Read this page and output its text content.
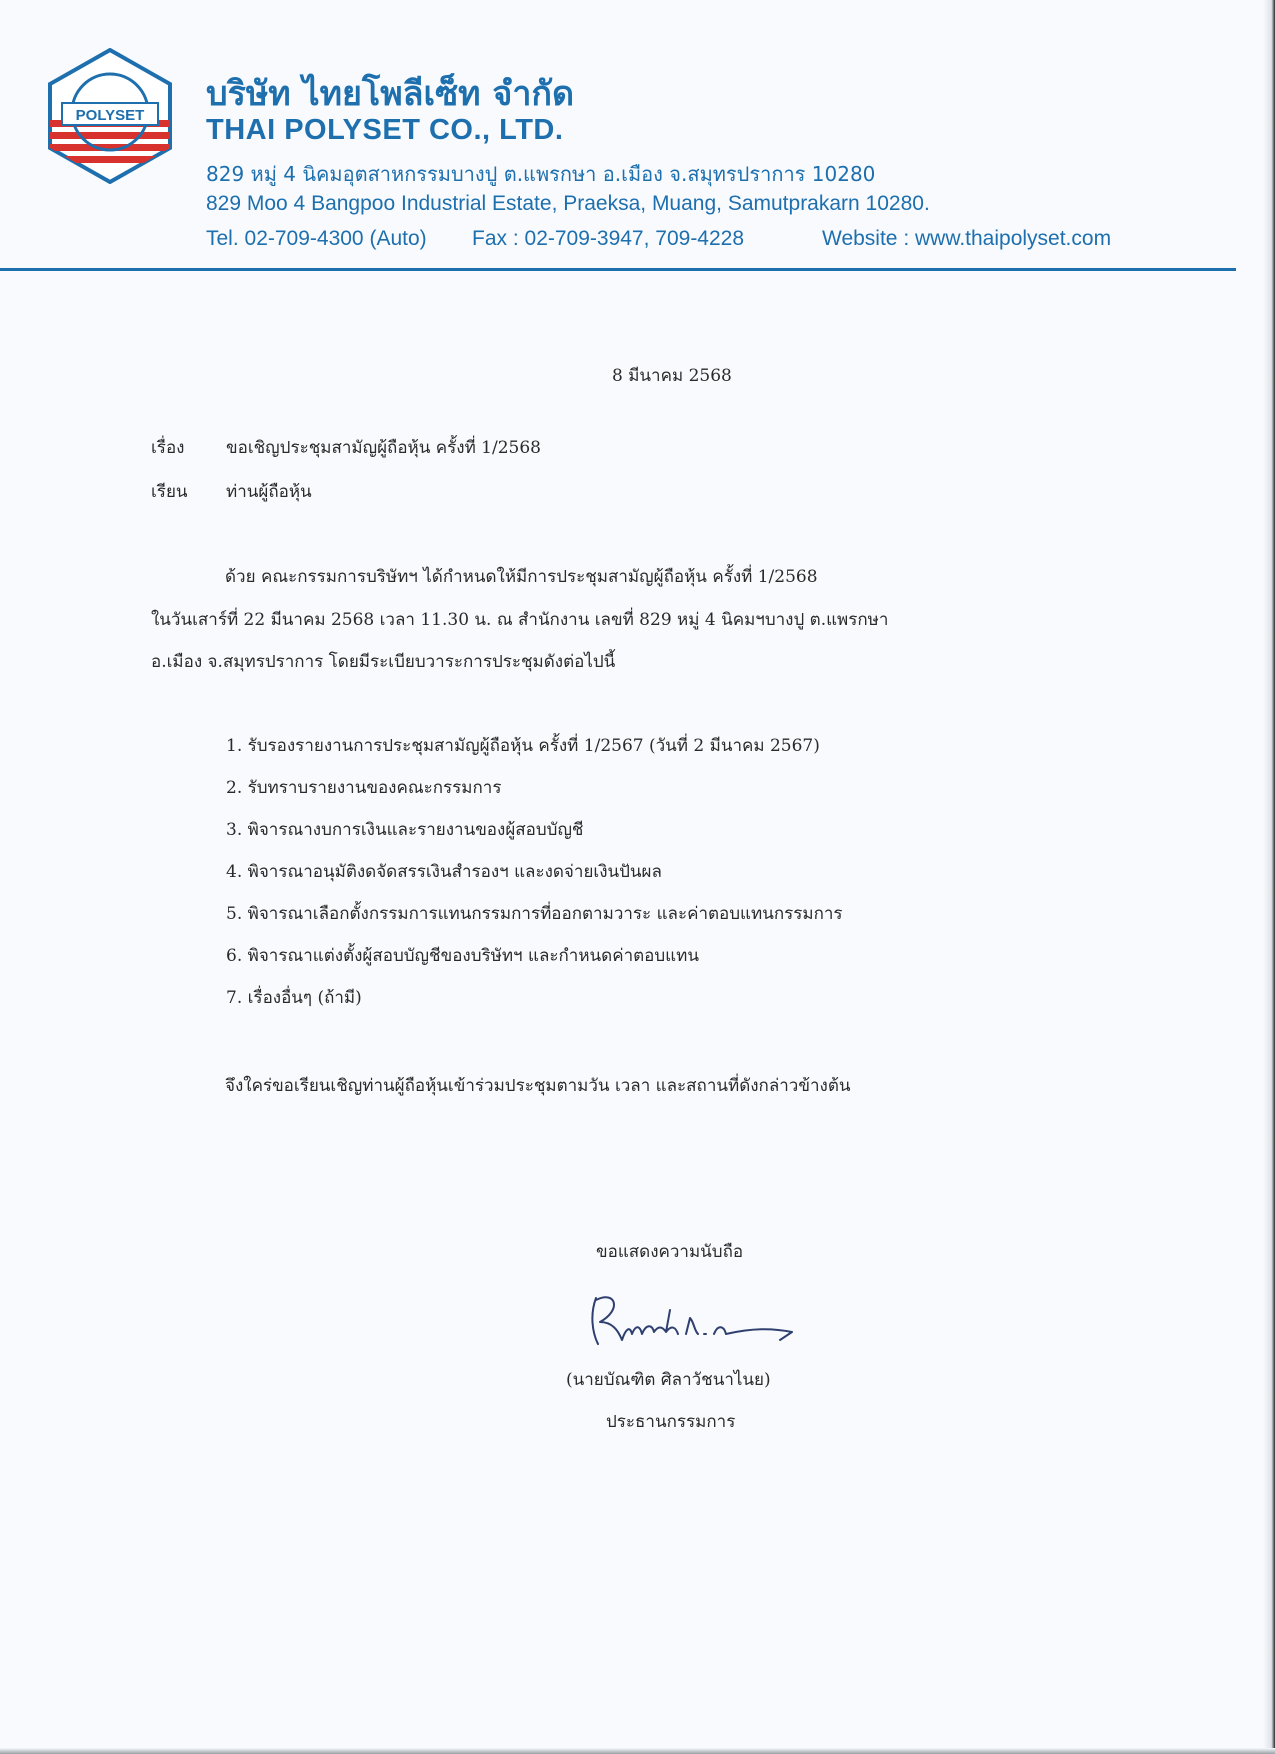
POLYSET
บริษัท ไทยโพลีเซ็ท จำกัด
THAI POLYSET CO., LTD.
829 หมู่ 4 นิคมอุตสาหกรรมบางปู ต.แพรกษา อ.เมือง จ.สมุทรปราการ 10280
829 Moo 4 Bangpoo Industrial Estate, Praeksa, Muang, Samutprakarn 10280.
Tel. 02-709-4300 (Auto) Fax : 02-709-3947, 709-4228	Website : www.thaipolyset.com
8 มีนาคม 2568
เรื่อง ขอเชิญประชุมสามัญผู้ถือหุ้น ครั้งที่ 1/2568
เรียน ท่านผู้ถือหุ้น
ด้วย คณะกรรมการบริษัทฯ ได้กำหนดให้มีการประชุมสามัญผู้ถือหุ้น ครั้งที่ 1/2568
ในวันเสาร์ที่ 22 มีนาคม 2568 เวลา 11.30 น. ณ สำนักงาน เลขที่ 829 หมู่ 4 นิคมฯบางปู ต.แพรกษา
อ.เมือง จ.สมุทรปราการ โดยมีระเบียบวาระการประชุมดังต่อไปนี้
1. รับรองรายงานการประชุมสามัญผู้ถือหุ้น ครั้งที่ 1/2567 (วันที่ 2 มีนาคม 2567)
2. รับทราบรายงานของคณะกรรมการ
3. พิจารณางบการเงินและรายงานของผู้สอบบัญชี
4. พิจารณาอนุมัติงดจัดสรรเงินสำรองฯ และงดจ่ายเงินปันผล
5. พิจารณาเลือกตั้งกรรมการแทนกรรมการที่ออกตามวาระ และค่าตอบแทนกรรมการ
6. พิจารณาแต่งตั้งผู้สอบบัญชีของบริษัทฯ และกำหนดค่าตอบแทน
7. เรื่องอื่นๆ (ถ้ามี)
จึงใคร่ขอเรียนเชิญท่านผู้ถือหุ้นเข้าร่วมประชุมตามวัน เวลา และสถานที่ดังกล่าวข้างต้น
ขอแสดงความนับถือ
(นายบัณฑิต ศิลาวัชนาไนย)
ประธานกรรมการ
